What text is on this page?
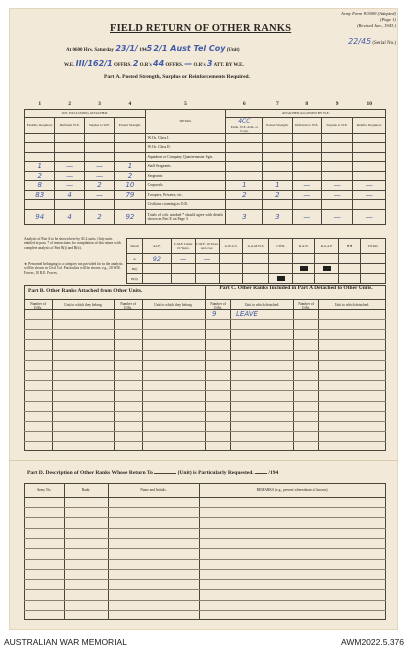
Army Form W3009 (Adapted)
(Page 1)
(Revised Jan., 1943.)
FIELD RETURN OF OTHER RANKS
22/45 (Serial No.)
At 0600 Hrs. Saturday 23/1/ 1945 2/1 Aust Tel Coy (Unit)
W.E. III/162/1 OFFRS. 2 O.R's 44 OFFRS. — O.R's 3 ATT. BY W.E.
Part A. Posted Strength, Surplus or Reinforcements Required.
1	2	3	4	5	6	7	8	9	10
W.E. EXCLUDING ATTACHED.				DETAIL	ATTACHED ALLOWED BY W.E.				
Establis. Required.	Deficient W.E.	Surplus to W.E.	Posted Strength.		4CC
Estab. W.E. Arm. or Corps.	Posted Strength.	Deficient to W.E.	Surplus to W.E.	Reinfts. Required.
				W.Os. Class I.					
				W.Os. Class II.					
				Squadron or Company Quartermaster Sgts.					
1	—	—	1	Staff Sergeants					
2	—	—	2	Sergeants					
8	—	2	10	Corporals	1	1	—	—	—
83	4	—	79	Troopers, Privates, etc.	2	2	—	—	—
				Civilians counting as O.R.					
94	4	2	92	Totals of cols. marked * should agree with details shown in Part E on Page 3	3	3	—	—	—
Analysis of Part A to be shown here by ALL units. Only units entitled in para. 7 of instructions for compilation of this return with complete analysis of Part B(i) and B(ii).
★ Personnel belonging to a category not provided for in the analysis will be shown in Civil Col. Particulars will be shown, e.g., 20 W.R. Forces, 10 R.E. Forces.
Detail	A.I.F.	C.M.F. Under 19 Years.	C.M.F. 19 Years and over.	A.W.A.S.	A.A.M.W.S.	CIVIL	R.A.N.	R.A.A.F.	★★	TOTAL
A	92	—	—							
B(i)							

B(ii)						

Part B. Other Ranks Attached from Other Units.	Part C. Other Ranks Included in Part A Detached to Other Units.
Number of O.Rs.
Unit to which they belong	Number of O.Rs.
Unit to which they belong	Number of O.Rs.
Unit to which detached.	Number of O.Rs.
Unit to which detached.
9	LEAVE
Part D. Description of Other Ranks Whose Return To	(Unit) is Particularly Requested.	/194
Army No.	Rank.	Name and Initials.	REMARKS (e.g., present whereabouts if known).
AUSTRALIAN WAR MEMORIAL	AWM2022.5.376
